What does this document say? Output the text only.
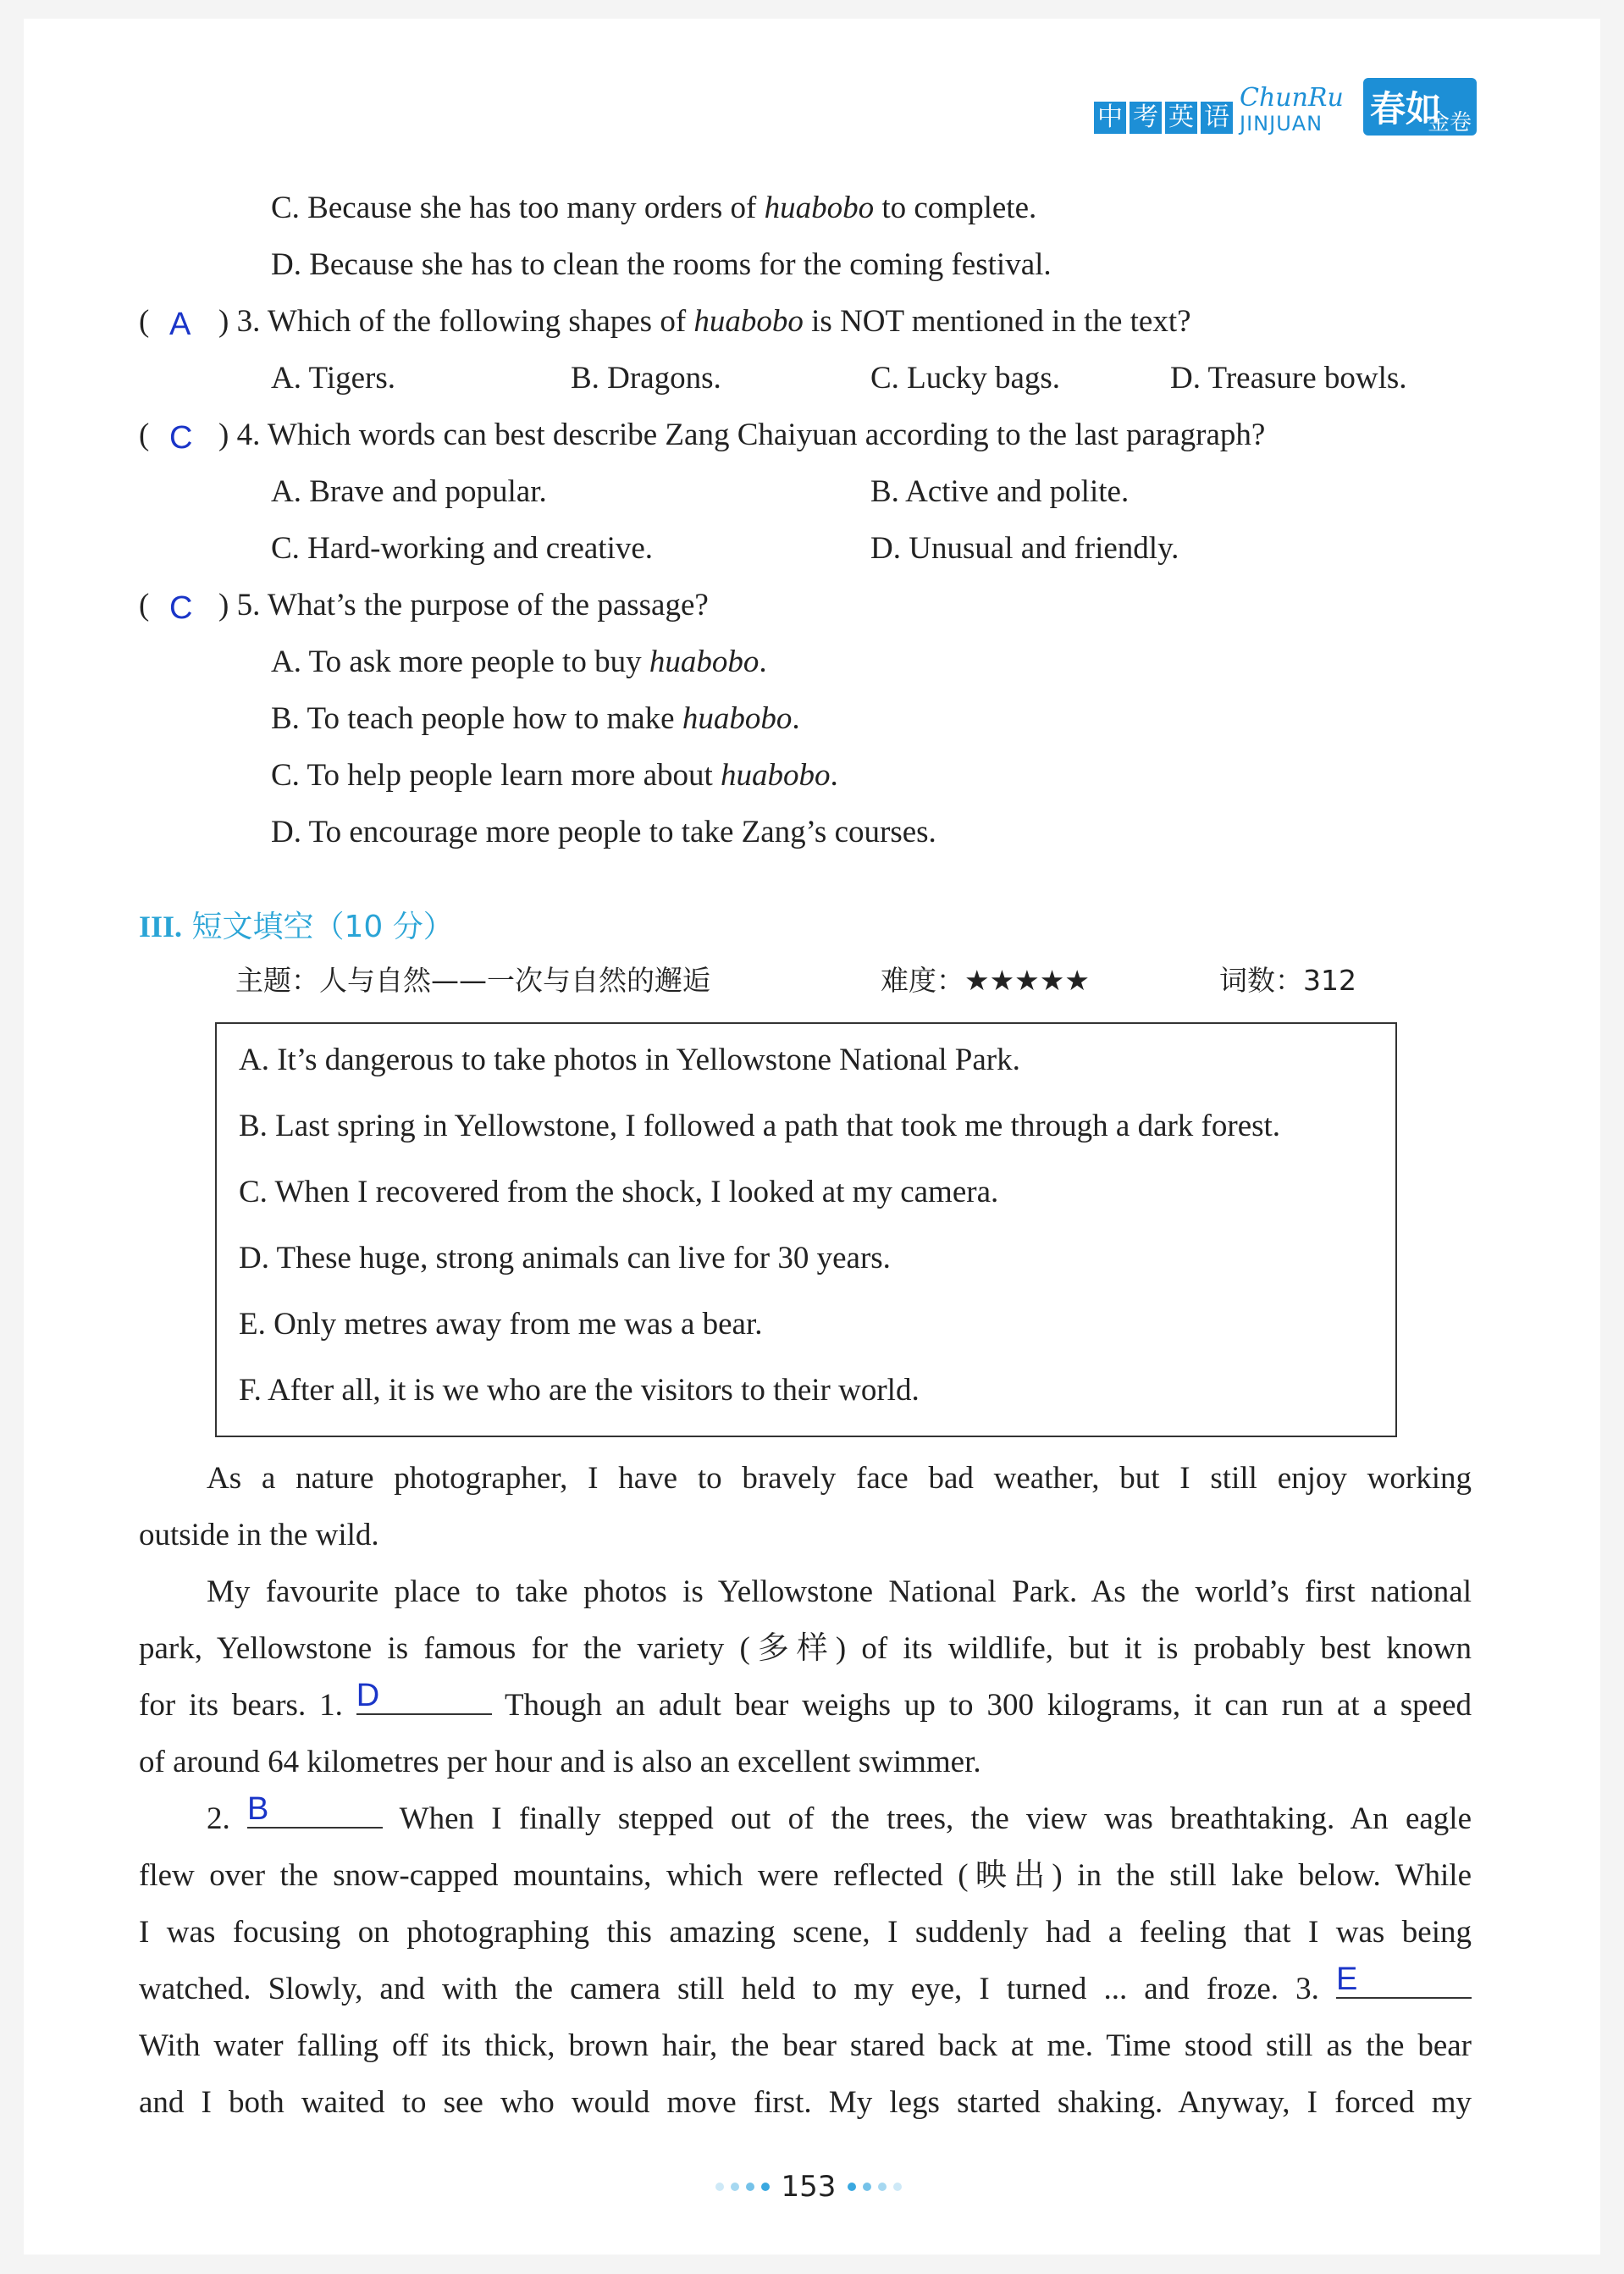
中 考 英 语
ChunRu
JINJUAN 春如
金卷
C. Because she has too many orders of huabobo to complete.
D. Because she has to clean the rooms for the coming festival.
( A ) 3. Which of the following shapes of huabobo is NOT mentioned in the text?
A. Tigers.	B. Dragons.	C. Lucky bags.	D. Treasure bowls.
( C ) 4. Which words can best describe Zang Chaiyuan according to the last paragraph?
A. Brave and popular.	B. Active and polite.
C. Hard-working and creative.	D. Unusual and friendly.
( C ) 5. What’s the purpose of the passage?
A. To ask more people to buy huabobo.
B. To teach people how to make huabobo.
C. To help people learn more about huabobo.
D. To encourage more people to take Zang’s courses.
III. 短文填空（10 分）
主题：人与自然——一次与自然的邂逅	难度：★★★★★	词数：312
A. It’s dangerous to take photos in Yellowstone National Park.
B. Last spring in Yellowstone, I followed a path that took me through a dark forest.
C. When I recovered from the shock, I looked at my camera.
D. These huge, strong animals can live for 30 years.
E. Only metres away from me was a bear.
F. After all, it is we who are the visitors to their world.
As a nature photographer, I have to bravely face bad weather, but I still enjoy working
outside in the wild.
My favourite place to take photos is Yellowstone National Park. As the world’s first national
park, Yellowstone is famous for the variety (多样) of its wildlife, but it is probably best known
for its bears. 1. D	Though an adult bear weighs up to 300 kilograms, it can run at a speed
of around 64 kilometres per hour and is also an excellent swimmer.
2. B	When I finally stepped out of the trees, the view was breathtaking. An eagle
flew over the snow-capped mountains, which were reflected (映出) in the still lake below. While
I was focusing on photographing this amazing scene, I suddenly had a feeling that I was being
watched. Slowly, and with the camera still held to my eye, I turned ... and froze. 3. E
With water falling off its thick, brown hair, the bear stared back at me. Time stood still as the bear
and I both waited to see who would move first. My legs started shaking. Anyway, I forced my
153
